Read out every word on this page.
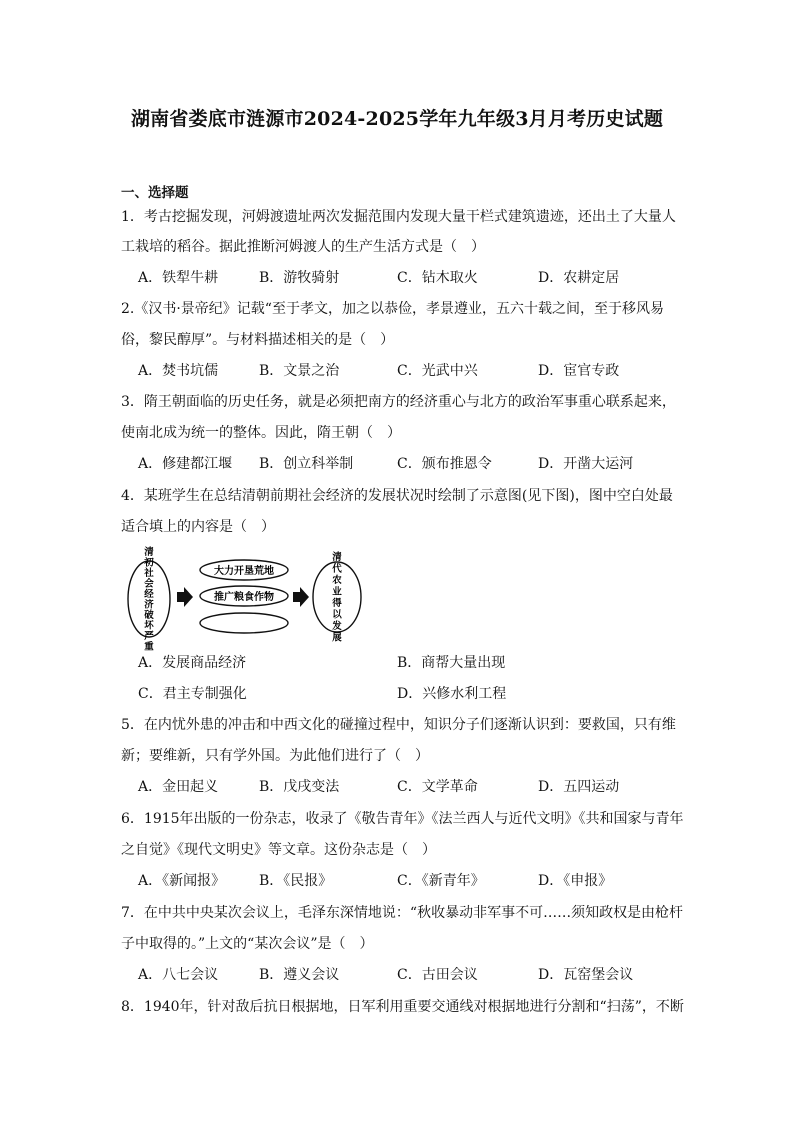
湖南省娄底市涟源市2024-2025学年九年级3月月考历史试题
一、选择题
1．考古挖掘发现，河姆渡遗址两次发掘范围内发现大量干栏式建筑遗迹，还出土了大量人
工栽培的稻谷。据此推断河姆渡人的生产生活方式是（　）
A．铁犁牛耕	B．游牧骑射	C．钻木取火	D．农耕定居
2.《汉书·景帝纪》记载“至于孝文，加之以恭俭，孝景遵业，五六十载之间，至于移风易
俗，黎民醇厚”。与材料描述相关的是（　）
A．焚书坑儒	B．文景之治	C．光武中兴	D．宦官专政
3．隋王朝面临的历史任务，就是必须把南方的经济重心与北方的政治军事重心联系起来，
使南北成为统一的整体。因此，隋王朝（　）
A．修建都江堰 B．创立科举制	C．颁布推恩令	D．开凿大运河
4．某班学生在总结清朝前期社会经济的发展状况时绘制了示意图(见下图)，图中空白处最
适合填上的内容是（　）
清初社会经济破坏严重
大力开垦荒地
推广粮食作物
清代农业得以发展
A．发展商品经济	B．商帮大量出现
C．君主专制强化	D．兴修水利工程
5．在内忧外患的冲击和中西文化的碰撞过程中，知识分子们逐渐认识到：要救国，只有维
新；要维新，只有学外国。为此他们进行了（　）
A．金田起义	B．戊戌变法	C．文学革命	D．五四运动
6．1915年出版的一份杂志，收录了《敬告青年》《法兰西人与近代文明》《共和国家与青年
之自觉》《现代文明史》等文章。这份杂志是（　）
A．《新闻报》 B．《民报》	C．《新青年》	D．《申报》
7．在中共中央某次会议上，毛泽东深情地说：“秋收暴动非军事不可……须知政权是由枪杆
子中取得的。”上文的“某次会议”是（　）
A．八七会议	B．遵义会议	C．古田会议	D．瓦窑堡会议
8．1940年，针对敌后抗日根据地，日军利用重要交通线对根据地进行分割和“扫荡”，不断
